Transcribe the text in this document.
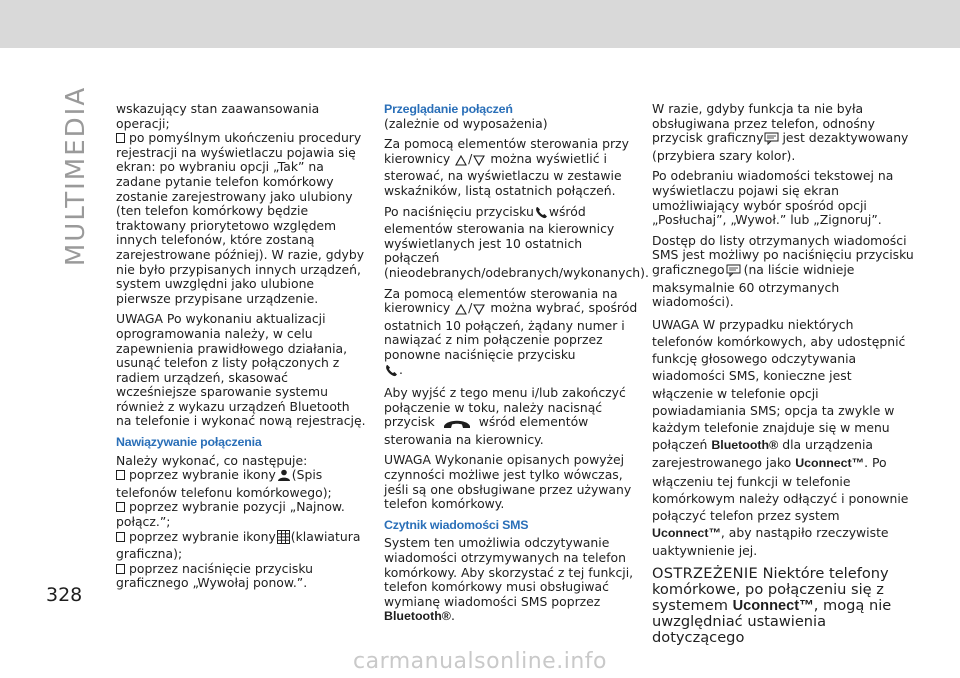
MULTIMEDIA wskazujący stan zaawansowania operacji;
po pomyślnym ukończeniu procedury rejestracji na wyświetlaczu pojawia się ekran: po wybraniu opcji „Tak” na zadane pytanie telefon komórkowy zostanie zarejestrowany jako ulubiony (ten telefon komórkowy będzie traktowany priorytetowo względem innych telefonów, które zostaną zarejestrowane później). W razie, gdyby nie było przypisanych innych urządzeń, system uwzględni jako ulubione pierwsze przypisane urządzenie.

UWAGA Po wykonaniu aktualizacji oprogramowania należy, w celu zapewnienia prawidłowego działania, usunąć telefon z listy połączonych z radiem urządzeń, skasować wcześniejsze sparowanie systemu również z wykazu urządzeń Bluetooth na telefonie i wykonać nową rejestrację.

Nawiązywanie połączenia

Należy wykonać, co następuje:

poprzez wybranie ikony (Spis telefonów telefonu komórkowego);
poprzez wybranie pozycji „Najnow. połącz.”;
poprzez wybranie ikony (klawiatura graficzna);
poprzez naciśnięcie przycisku graficznego „Wywołaj ponow.”.

Przeglądanie połączeń

(zależnie od wyposażenia)

Za pomocą elementów sterowania przy kierownicy / można wyświetlić i sterować, na wyświetlaczu w zestawie wskaźników, listą ostatnich połączeń.

Po naciśnięciu przycisku wśród elementów sterowania na kierownicy wyświetlanych jest 10 ostatnich połączeń (nieodebranych/odebranych/wykonanych).

Za pomocą elementów sterowania na kierownicy / można wybrać, spośród ostatnich 10 połączeń, żądany numer i nawiązać z nim połączenie poprzez ponowne naciśnięcie przycisku
.

Aby wyjść z tego menu i/lub zakończyć połączenie w toku, należy nacisnąć przycisk	wśród elementów sterowania na kierownicy.

UWAGA Wykonanie opisanych powyżej czynności możliwe jest tylko wówczas, jeśli są one obsługiwane przez używany telefon komórkowy.

Czytnik wiadomości SMS

System ten umożliwia odczytywanie wiadomości otrzymywanych na telefon komórkowy. Aby skorzystać z tej funkcji, telefon komórkowy musi obsługiwać wymianę wiadomości SMS poprzez Bluetooth®.

W razie, gdyby funkcja ta nie była obsługiwana przez telefon, odnośny przycisk graficzny jest dezaktywowany (przybiera szary kolor).

Po odebraniu wiadomości tekstowej na wyświetlaczu pojawi się ekran umożliwiający wybór spośród opcji „Posłuchaj”, „Wywoł.” lub „Zignoruj”.

Dostęp do listy otrzymanych wiadomości SMS jest możliwy po naciśnięciu przycisku graficznego (na liście widnieje maksymalnie 60 otrzymanych wiadomości).

UWAGA W przypadku niektórych telefonów komórkowych, aby udostępnić funkcję głosowego odczytywania wiadomości SMS, konieczne jest włączenie w telefonie opcji powiadamiania SMS; opcja ta zwykle w każdym telefonie znajduje się w menu połączeń Bluetooth® dla urządzenia zarejestrowanego jako Uconnect™. Po włączeniu tej funkcji w telefonie komórkowym należy odłączyć i ponownie połączyć telefon przez system Uconnect™, aby nastąpiło rzeczywiste uaktywnienie jej.

OSTRZEŻENIE Niektóre telefony komórkowe, po połączeniu się z systemem Uconnect™, mogą nie uwzględniać ustawienia dotyczącego

328
carmanualsonline.info
